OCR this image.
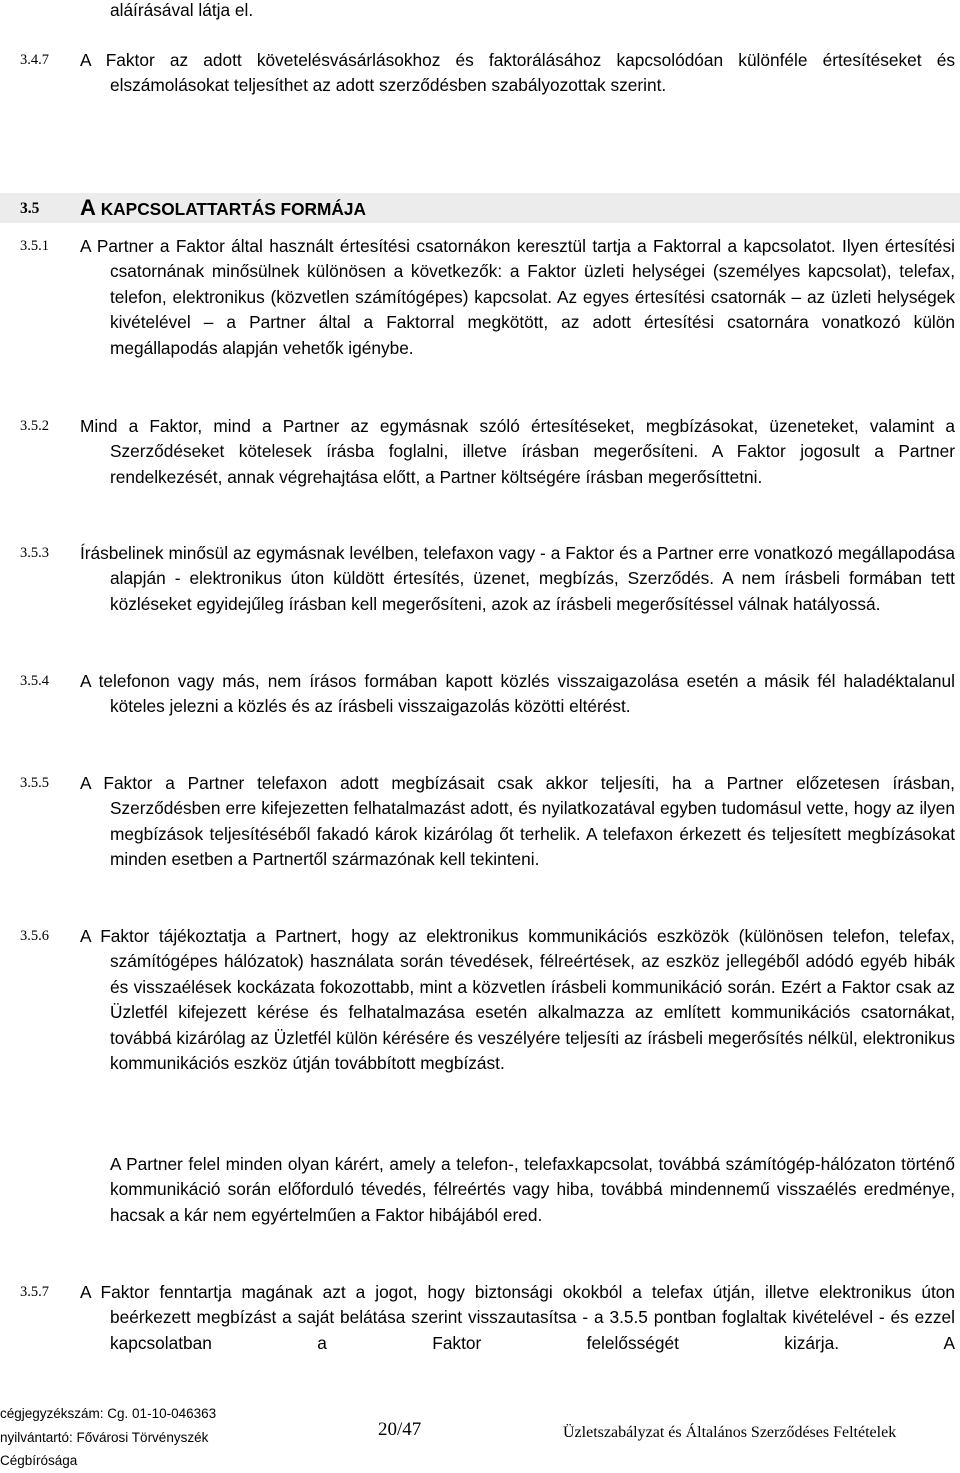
aláírásával látja el.
3.4.7 A Faktor az adott követelésvásárlásokhoz és faktorálásához kapcsolódóan különféle értesítéseket és elszámolásokat teljesíthet az adott szerződésben szabályozottak szerint.
3.5 A KAPCSOLATTARTÁS FORMÁJA
3.5.1 A Partner a Faktor által használt értesítési csatornákon keresztül tartja a Faktorral a kapcsolatot. Ilyen értesítési csatornának minősülnek különösen a következők: a Faktor üzleti helységei (személyes kapcsolat), telefax, telefon, elektronikus (közvetlen számítógépes) kapcsolat. Az egyes értesítési csatornák – az üzleti helységek kivételével – a Partner által a Faktorral megkötött, az adott értesítési csatornára vonatkozó külön megállapodás alapján vehetők igénybe.
3.5.2 Mind a Faktor, mind a Partner az egymásnak szóló értesítéseket, megbízásokat, üzeneteket, valamint a Szerződéseket kötelesek írásba foglalni, illetve írásban megerősíteni. A Faktor jogosult a Partner rendelkezését, annak végrehajtása előtt, a Partner költségére írásban megerősíttetni.
3.5.3 Írásbelinek minősül az egymásnak levélben, telefaxon vagy - a Faktor és a Partner erre vonatkozó megállapodása alapján - elektronikus úton küldött értesítés, üzenet, megbízás, Szerződés. A nem írásbeli formában tett közléseket egyidejűleg írásban kell megerősíteni, azok az írásbeli megerősítéssel válnak hatályossá.
3.5.4 A telefonon vagy más, nem írásos formában kapott közlés visszaigazolása esetén a másik fél haladéktalanul köteles jelezni a közlés és az írásbeli visszaigazolás közötti eltérést.
3.5.5 A Faktor a Partner telefaxon adott megbízásait csak akkor teljesíti, ha a Partner előzetesen írásban, Szerződésben erre kifejezetten felhatalmazást adott, és nyilatkozatával egyben tudomásul vette, hogy az ilyen megbízások teljesítéséből fakadó károk kizárólag őt terhelik. A telefaxon érkezett és teljesített megbízásokat minden esetben a Partnertől származónak kell tekinteni.
3.5.6 A Faktor tájékoztatja a Partnert, hogy az elektronikus kommunikációs eszközök (különösen telefon, telefax, számítógépes hálózatok) használata során tévedések, félreértések, az eszköz jellegéből adódó egyéb hibák és visszaélések kockázata fokozottabb, mint a közvetlen írásbeli kommunikáció során. Ezért a Faktor csak az Üzletfél kifejezett kérése és felhatalmazása esetén alkalmazza az említett kommunikációs csatornákat, továbbá kizárólag az Üzletfél külön kérésére és veszélyére teljesíti az írásbeli megerősítés nélkül, elektronikus kommunikációs eszköz útján továbbított megbízást.
A Partner felel minden olyan kárért, amely a telefon-, telefaxkapcsolat, továbbá számítógép-hálózaton történő kommunikáció során előforduló tévedés, félreértés vagy hiba, továbbá mindennemű visszaélés eredménye, hacsak a kár nem egyértelműen a Faktor hibájából ered.
3.5.7 A Faktor fenntartja magának azt a jogot, hogy biztonsági okokból a telefax útján, illetve elektronikus úton beérkezett megbízást a saját belátása szerint visszautasítsa - a 3.5.5 pontban foglaltak kivételével - és ezzel kapcsolatban a Faktor felelősségét kizárja. A
cégjegyzékszám: Cg. 01-10-046363
nyilvántartó: Fővárosi Törvényszék
Cégbírósága
20/47	Üzletszabályzat és Általános Szerződéses Feltételek
